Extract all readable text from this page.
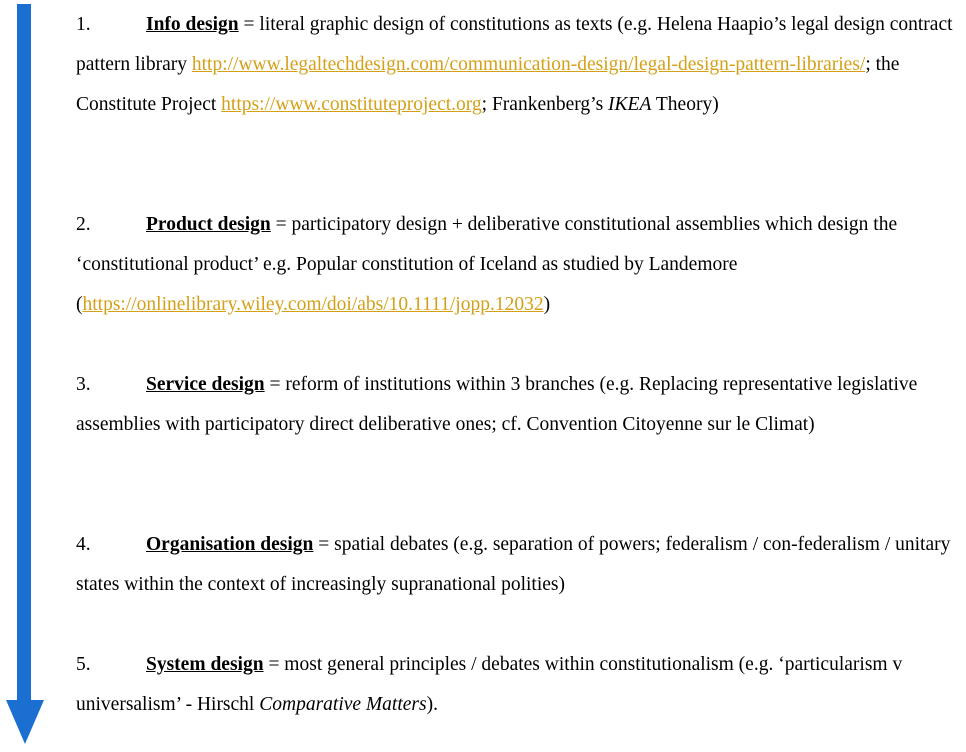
1.	Info design = literal graphic design of constitutions as texts (e.g. Helena Haapio’s legal design contract pattern library http://www.legaltechdesign.com/communication-design/legal-design-pattern-libraries/; the Constitute Project https://www.constituteproject.org; Frankenberg’s IKEA Theory)
2.	Product design = participatory design + deliberative constitutional assemblies which design the ‘constitutional product’ e.g. Popular constitution of Iceland as studied by Landemore (https://onlinelibrary.wiley.com/doi/abs/10.1111/jopp.12032)
3.	Service design = reform of institutions within 3 branches (e.g. Replacing representative legislative assemblies with participatory direct deliberative ones; cf. Convention Citoyenne sur le Climat)
4.	Organisation design = spatial debates (e.g. separation of powers; federalism / con-federalism / unitary states within the context of increasingly supranational polities)
5.	System design = most general principles / debates within constitutionalism (e.g. ‘particularism v universalism’ - Hirschl Comparative Matters).
